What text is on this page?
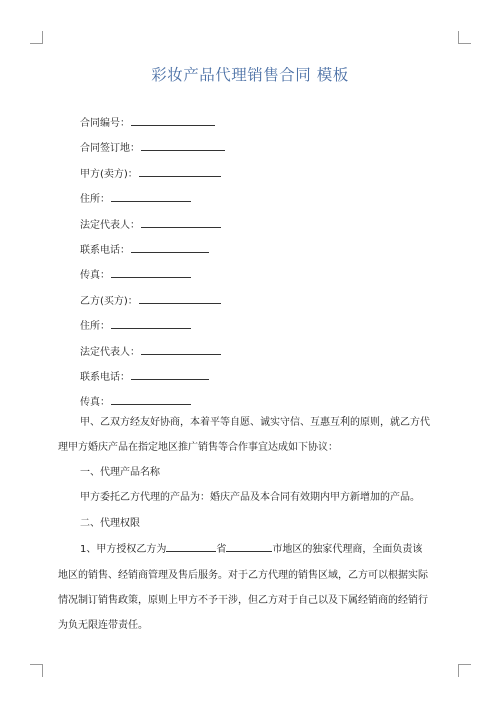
彩妆产品代理销售合同 模板
合同编号：
合同签订地：
甲方(卖方)：
住所：
法定代表人：
联系电话：
传真：
乙方(买方)：
住所：
法定代表人：
联系电话：
传真：
甲、乙双方经友好协商，本着平等自愿、诚实守信、互惠互利的原则，就乙方代
理甲方婚庆产品在指定地区推广销售等合作事宜达成如下协议：
一、代理产品名称
甲方委托乙方代理的产品为：婚庆产品及本合同有效期内甲方新增加的产品。
二、代理权限
1、甲方授权乙方为	省	市地区的独家代理商，全面负责该
地区的销售、经销商管理及售后服务。对于乙方代理的销售区域，乙方可以根据实际
情况制订销售政策，原则上甲方不予干涉，但乙方对于自己以及下属经销商的经销行
为负无限连带责任。
